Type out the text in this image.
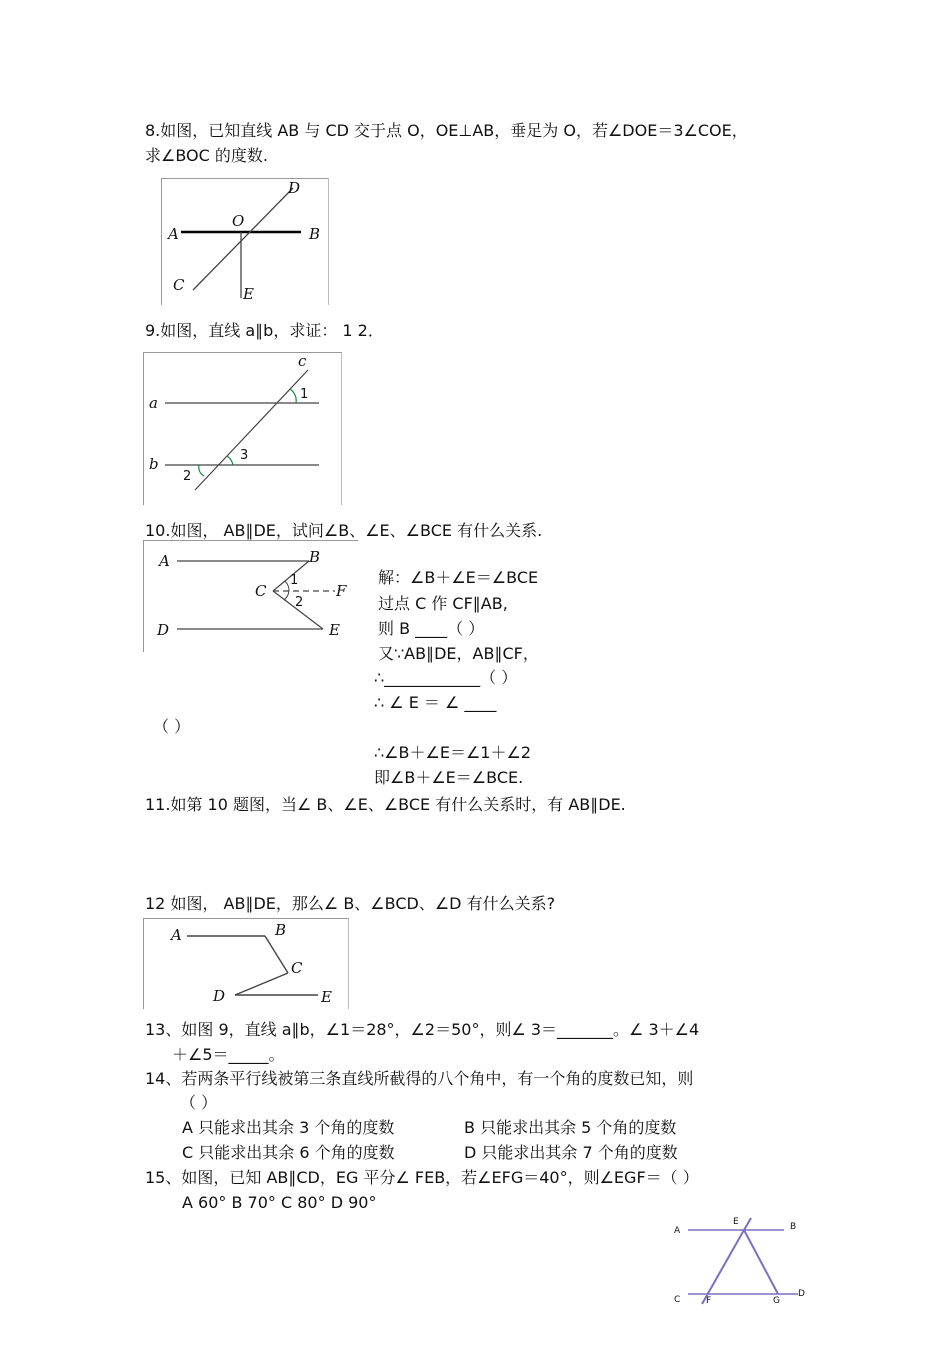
8.如图，已知直线 AB 与 CD 交于点 O，OE⊥AB，垂足为 O，若∠DOE＝3∠COE，
求∠BOC 的度数.
A	B
C
D
O
E
9.如图，直线 a∥b，求证： 1 2．
a
b
c
1
3
2
10.如图， AB∥DE，试问∠B、∠E、∠BCE 有什么关系.
A	B
C	F
D	E
1
2
解：∠B＋∠E＝∠BCE
过点 C 作 CF∥AB,
则 B ____（ ）
又∵AB∥DE，AB∥CF，
∴____________（ ）
∴ ∠ E ＝ ∠ ____
（ ）
∴∠B＋∠E＝∠1＋∠2
即∠B＋∠E＝∠BCE.
11.如第 10 题图，当∠ B、∠E、∠BCE 有什么关系时，有 AB∥DE.
12 如图， AB∥DE，那么∠ B、∠BCD、∠D 有什么关系?
A	B
C
D	E
13、如图 9，直线 a∥b，∠1＝28°，∠2＝50°，则∠ 3＝_______。∠ 3＋∠4
＋∠5＝_____。
14、若两条平行线被第三条直线所截得的八个角中，有一个角的度数已知，则
（ ）
A 只能求出其余 3 个角的度数	B 只能求出其余 5 个角的度数
C 只能求出其余 6 个角的度数	D 只能求出其余 7 个角的度数
15、如图，已知 AB∥CD，EG 平分∠ FEB，若∠EFG＝40°，则∠EGF＝（ ）
A 60° B 70° C 80° D 90°
A	B
C
D
E
F	G
